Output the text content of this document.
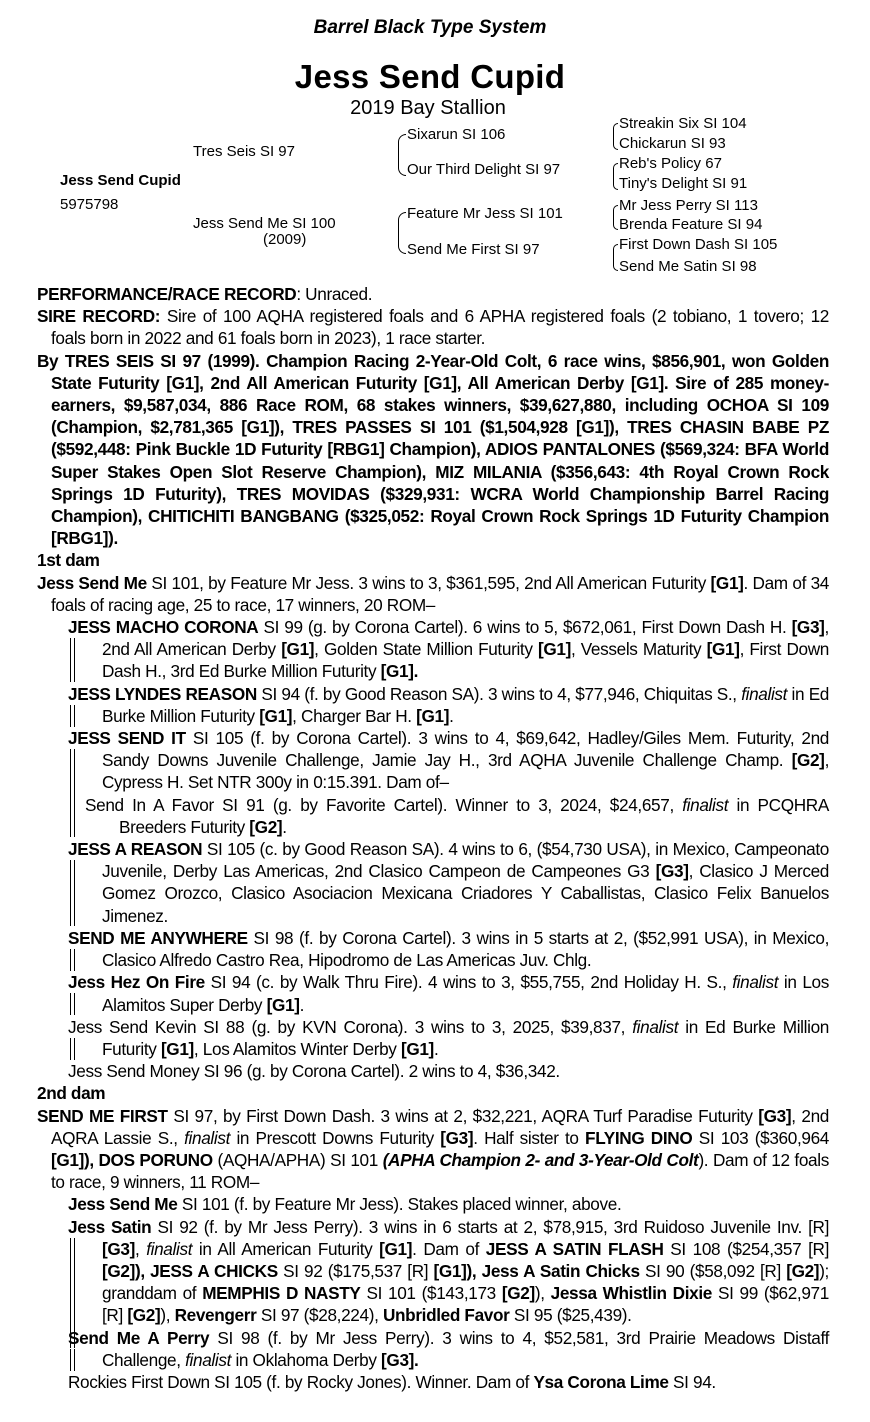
Barrel Black Type System
Jess Send Cupid
2019 Bay Stallion
Jess Send Cupid
5975798
Tres Seis SI 97
Jess Send Me SI 100
(2009)
Sixarun SI 106
Our Third Delight SI 97
Feature Mr Jess SI 101
Send Me First SI 97
Streakin Six SI 104
Chickarun SI 93
Reb's Policy 67
Tiny's Delight SI 91
Mr Jess Perry SI 113
Brenda Feature SI 94
First Down Dash SI 105
Send Me Satin SI 98
PERFORMANCE/RACE RECORD: Unraced.
SIRE RECORD: Sire of 100 AQHA registered foals and 6 APHA registered foals (2 tobiano, 1 tovero; 12 foals born in 2022 and 61 foals born in 2023), 1 race starter.
By TRES SEIS SI 97 (1999). Champion Racing 2-Year-Old Colt, 6 race wins, $856,901, won Golden State Futurity [G1], 2nd All American Futurity [G1], All American Derby [G1]. Sire of 285 money-earners, $9,587,034, 886 Race ROM, 68 stakes winners, $39,627,880, including OCHOA SI 109 (Champion, $2,781,365 [G1]), TRES PASSES SI 101 ($1,504,928 [G1]), TRES CHASIN BABE PZ ($592,448: Pink Buckle 1D Futurity [RBG1] Champion), ADIOS PANTALONES ($569,324: BFA World Super Stakes Open Slot Reserve Champion), MIZ MILANIA ($356,643: 4th Royal Crown Rock Springs 1D Futurity), TRES MOVIDAS ($329,931: WCRA World Championship Barrel Racing Champion), CHITICHITI BANGBANG ($325,052: Royal Crown Rock Springs 1D Futurity Champion [RBG1]).
1st dam
Jess Send Me SI 101, by Feature Mr Jess. 3 wins to 3, $361,595, 2nd All American Futurity [G1]. Dam of 34 foals of racing age, 25 to race, 17 winners, 20 ROM–
JESS MACHO CORONA SI 99 (g. by Corona Cartel). 6 wins to 5, $672,061, First Down Dash H. [G3], 2nd All American Derby [G1], Golden State Million Futurity [G1], Vessels Maturity [G1], First Down Dash H., 3rd Ed Burke Million Futurity [G1].
JESS LYNDES REASON SI 94 (f. by Good Reason SA). 3 wins to 4, $77,946, Chiquitas S., finalist in Ed Burke Million Futurity [G1], Charger Bar H. [G1].
JESS SEND IT SI 105 (f. by Corona Cartel). 3 wins to 4, $69,642, Hadley/Giles Mem. Futurity, 2nd Sandy Downs Juvenile Challenge, Jamie Jay H., 3rd AQHA Juvenile Challenge Champ. [G2], Cypress H. Set NTR 300y in 0:15.391. Dam of–
Send In A Favor SI 91 (g. by Favorite Cartel). Winner to 3, 2024, $24,657, finalist in PCQHRA Breeders Futurity [G2].
JESS A REASON SI 105 (c. by Good Reason SA). 4 wins to 6, ($54,730 USA), in Mexico, Campeonato Juvenile, Derby Las Americas, 2nd Clasico Campeon de Campeones G3 [G3], Clasico J Merced Gomez Orozco, Clasico Asociacion Mexicana Criadores Y Caballistas, Clasico Felix Banuelos Jimenez.
SEND ME ANYWHERE SI 98 (f. by Corona Cartel). 3 wins in 5 starts at 2, ($52,991 USA), in Mexico, Clasico Alfredo Castro Rea, Hipodromo de Las Americas Juv. Chlg.
Jess Hez On Fire SI 94 (c. by Walk Thru Fire). 4 wins to 3, $55,755, 2nd Holiday H. S., finalist in Los Alamitos Super Derby [G1].
Jess Send Kevin SI 88 (g. by KVN Corona). 3 wins to 3, 2025, $39,837, finalist in Ed Burke Million Futurity [G1], Los Alamitos Winter Derby [G1].
Jess Send Money SI 96 (g. by Corona Cartel). 2 wins to 4, $36,342.
2nd dam
SEND ME FIRST SI 97, by First Down Dash. 3 wins at 2, $32,221, AQRA Turf Paradise Futurity [G3], 2nd AQRA Lassie S., finalist in Prescott Downs Futurity [G3]. Half sister to FLYING DINO SI 103 ($360,964 [G1]), DOS PORUNO (AQHA/APHA) SI 101 (APHA Champion 2- and 3-Year-Old Colt). Dam of 12 foals to race, 9 winners, 11 ROM–
Jess Send Me SI 101 (f. by Feature Mr Jess). Stakes placed winner, above.
Jess Satin SI 92 (f. by Mr Jess Perry). 3 wins in 6 starts at 2, $78,915, 3rd Ruidoso Juvenile Inv. [R] [G3], finalist in All American Futurity [G1]. Dam of JESS A SATIN FLASH SI 108 ($254,357 [R] [G2]), JESS A CHICKS SI 92 ($175,537 [R] [G1]), Jess A Satin Chicks SI 90 ($58,092 [R] [G2]); granddam of MEMPHIS D NASTY SI 101 ($143,173 [G2]), Jessa Whistlin Dixie SI 99 ($62,971 [R] [G2]), Revengerr SI 97 ($28,224), Unbridled Favor SI 95 ($25,439).
Send Me A Perry SI 98 (f. by Mr Jess Perry). 3 wins to 4, $52,581, 3rd Prairie Meadows Distaff Challenge, finalist in Oklahoma Derby [G3].
Rockies First Down SI 105 (f. by Rocky Jones). Winner. Dam of Ysa Corona Lime SI 94.
